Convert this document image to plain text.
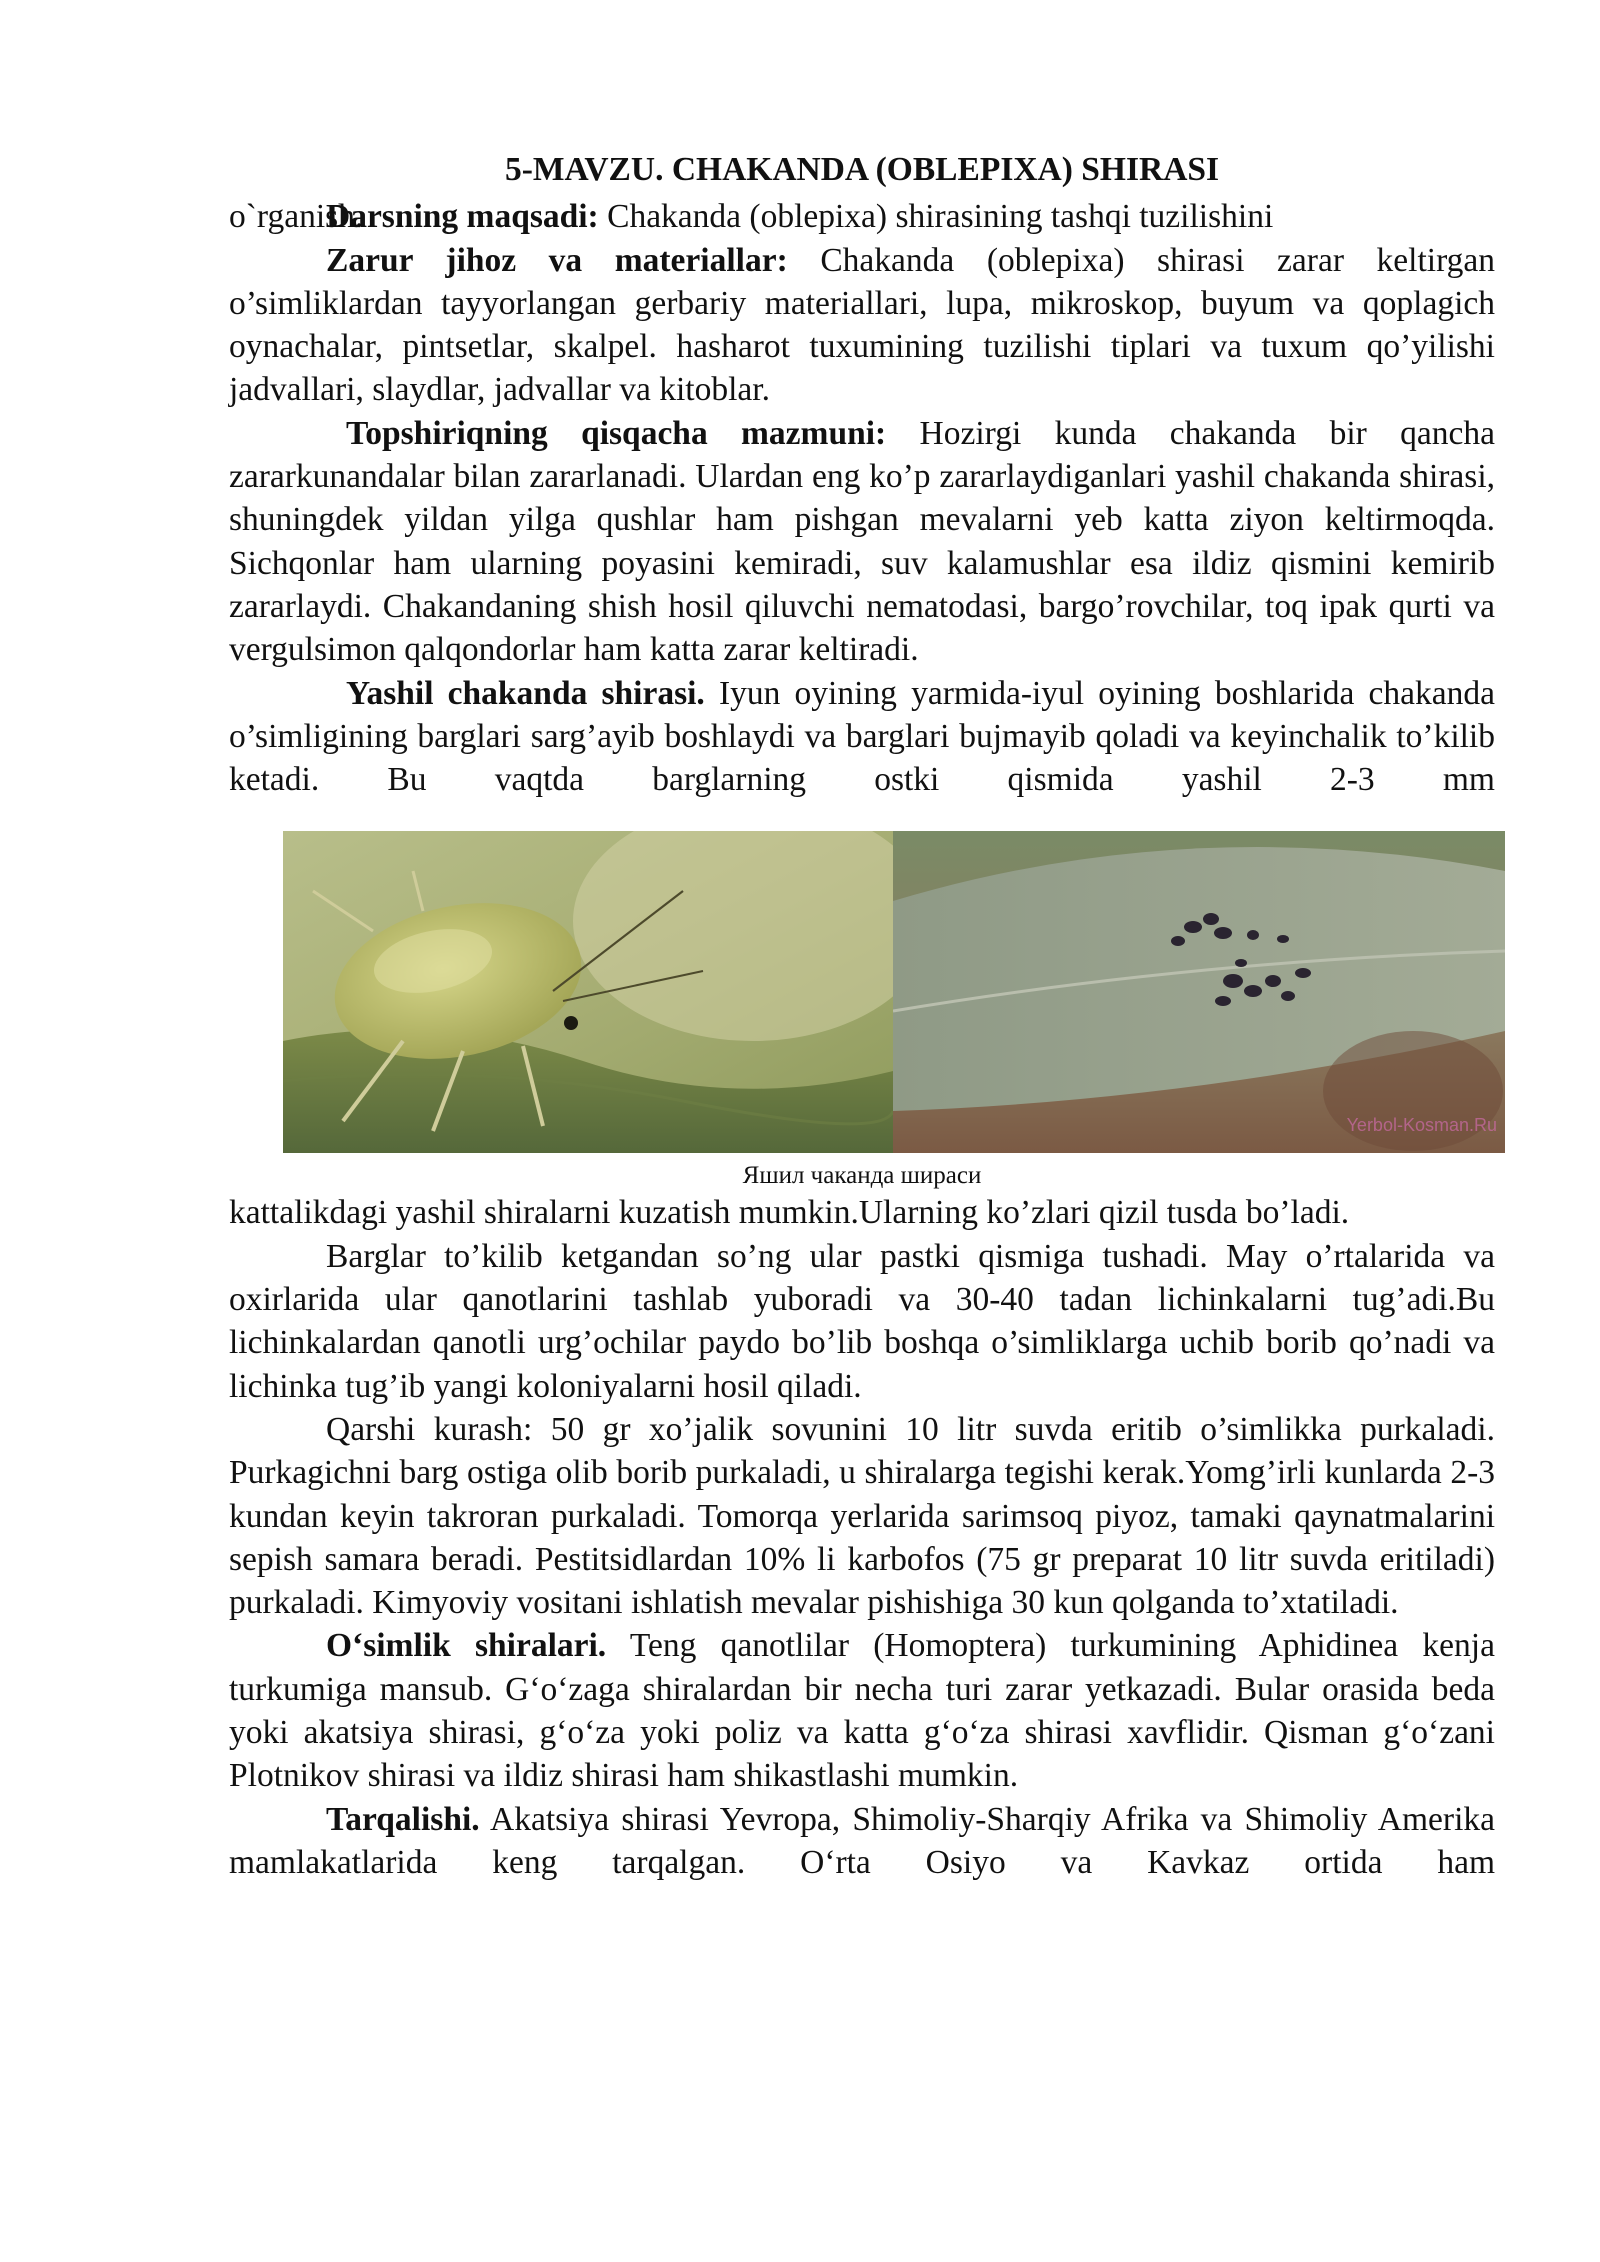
5-MAVZU. CHAKANDA (OBLEPIXA) SHIRASI

Darsning maqsadi: Chakanda (oblepixa) shirasining tashqi tuzilishini

o`rganish.

Zarur jihoz va materiallar: Chakanda (oblepixa) shirasi zarar keltirgan o’simliklardan tayyorlangan gerbariy materiallari, lupa, mikroskop, buyum va qoplagich oynachalar, pintsetlar, skalpel. hasharot tuxumining tuzilishi tiplari va tuxum qo’yilishi jadvallari, slaydlar, jadvallar va kitoblar.

Topshiriqning qisqacha mazmuni: Hozirgi kunda chakanda bir qancha zararkunandalar bilan zararlanadi. Ulardan eng ko’p zararlaydiganlari yashil chakanda shirasi, shuningdek yildan yilga qushlar ham pishgan mevalarni yeb katta ziyon keltirmoqda. Sichqonlar ham ularning poyasini kemiradi, suv kalamushlar esa ildiz qismini kemirib zararlaydi. Chakandaning shish hosil qiluvchi nematodasi, bargo’rovchilar, toq ipak qurti va vergulsimon qalqondorlar ham katta zarar keltiradi.

Yashil chakanda shirasi. Iyun oyining yarmida-iyul oyining boshlarida chakanda o’simligining barglari sarg’ayib boshlaydi va barglari bujmayib qoladi va keyinchalik to’kilib ketadi. Bu vaqtda barglarning ostki qismida yashil 2-3 mm

Yerbol-Kosman.Ru
Яшил чаканда шираси

kattalikdagi yashil shiralarni kuzatish mumkin.Ularning ko’zlari qizil tusda bo’ladi.

Barglar to’kilib ketgandan so’ng ular pastki qismiga tushadi. May o’rtalarida va oxirlarida ular qanotlarini tashlab yuboradi va 30-40 tadan lichinkalarni tug’adi.Bu lichinkalardan qanotli urg’ochilar paydo bo’lib boshqa o’simliklarga uchib borib qo’nadi va lichinka tug’ib yangi koloniyalarni hosil qiladi.

Qarshi kurash: 50 gr xo’jalik sovunini 10 litr suvda eritib o’simlikka purkaladi. Purkagichni barg ostiga olib borib purkaladi, u shiralarga tegishi kerak.Yomg’irli kunlarda 2-3 kundan keyin takroran purkaladi. Tomorqa yerlarida sarimsoq piyoz, tamaki qaynatmalarini sepish samara beradi. Pestitsidlardan 10% li karbofos (75 gr preparat 10 litr suvda eritiladi) purkaladi. Kimyoviy vositani ishlatish mevalar pishishiga 30 kun qolganda to’xtatiladi.

O‘simlik shiralari. Teng qanotlilar (Homoptera) turkumining Aphidinea kenja turkumiga mansub. G‘o‘zaga shiralardan bir necha turi zarar yetkazadi. Bular orasida beda yoki akatsiya shirasi, g‘o‘za yoki poliz va katta g‘o‘za shirasi xavflidir. Qisman g‘o‘zani Plotnikov shirasi va ildiz shirasi ham shikastlashi mumkin.

Tarqalishi. Akatsiya shirasi Yevropa, Shimoliy-Sharqiy Afrika va Shimoliy Amerika mamlakatlarida keng tarqalgan. O‘rta Osiyo va Kavkaz ortida ham
